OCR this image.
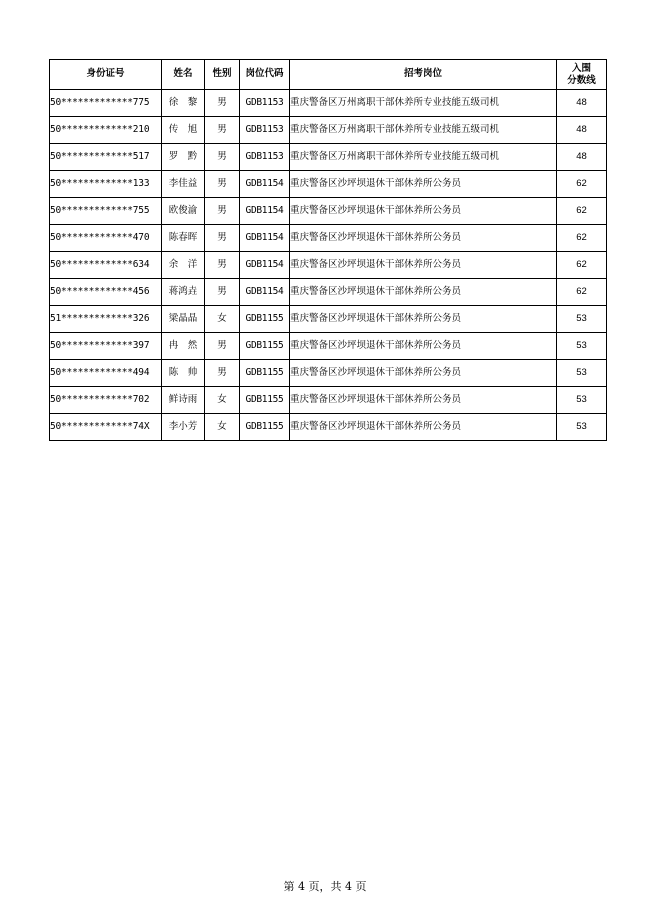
身份证号	姓名	性别	岗位代码	招考岗位	入围
分数线

50*************775	徐　黎	男	GDB1153	重庆警备区万州离职干部休养所专业技能五级司机	48
50*************210	传　旭	男	GDB1153	重庆警备区万州离职干部休养所专业技能五级司机	48
50*************517	罗　黔	男	GDB1153	重庆警备区万州离职干部休养所专业技能五级司机	48
50*************133	李佳益	男	GDB1154	重庆警备区沙坪坝退休干部休养所公务员	62
50*************755	欧俊渝	男	GDB1154	重庆警备区沙坪坝退休干部休养所公务员	62
50*************470	陈春晖	男	GDB1154	重庆警备区沙坪坝退休干部休养所公务员	62
50*************634	余　洋	男	GDB1154	重庆警备区沙坪坝退休干部休养所公务员	62
50*************456	蒋鸿垚	男	GDB1154	重庆警备区沙坪坝退休干部休养所公务员	62
51*************326	梁晶晶	女	GDB1155	重庆警备区沙坪坝退休干部休养所公务员	53
50*************397	冉　然	男	GDB1155	重庆警备区沙坪坝退休干部休养所公务员	53
50*************494	陈　帅	男	GDB1155	重庆警备区沙坪坝退休干部休养所公务员	53
50*************702	鲜诗雨	女	GDB1155	重庆警备区沙坪坝退休干部休养所公务员	53
50*************74X	李小芳	女	GDB1155	重庆警备区沙坪坝退休干部休养所公务员	53
第 4 页，共 4 页
